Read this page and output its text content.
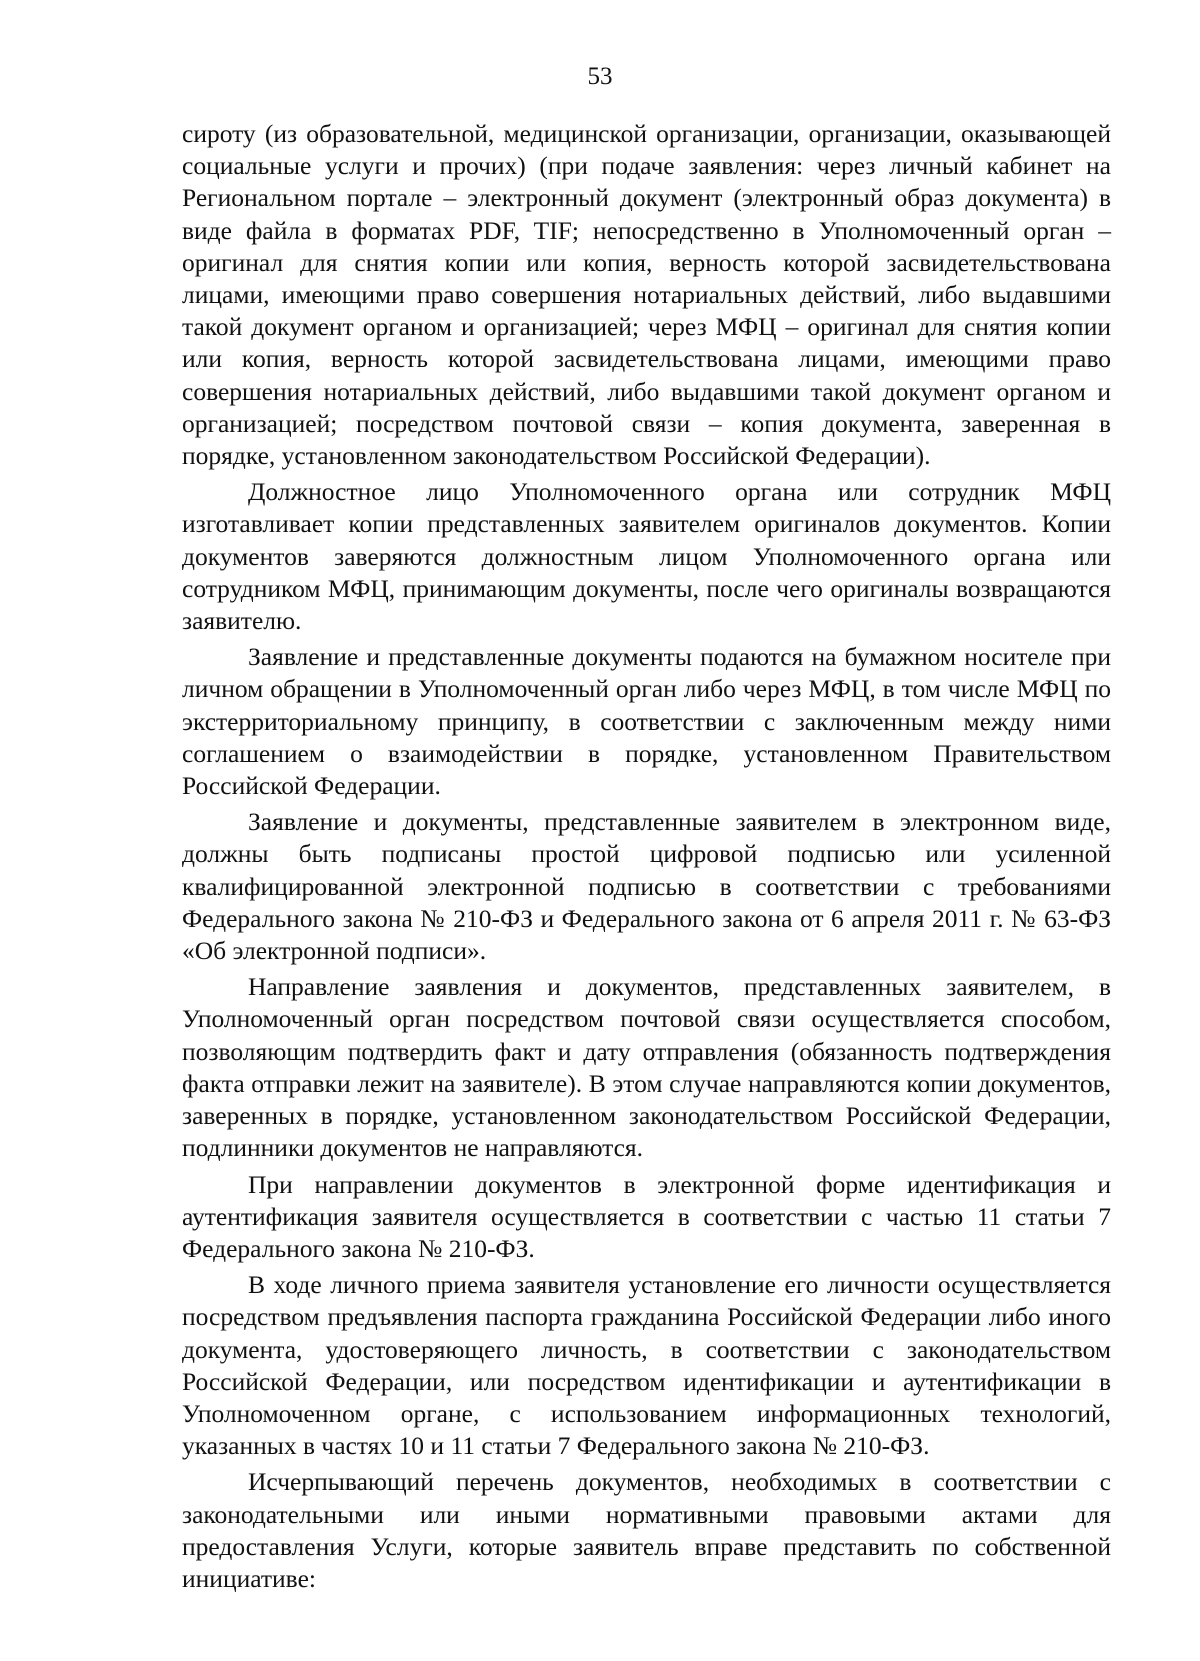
53

сироту (из образовательной, медицинской организации, организации, оказывающей социальные услуги и прочих) (при подаче заявления: через личный кабинет на Региональном портале – электронный документ (электронный образ документа) в виде файла в форматах PDF, TIF; непосредственно в Уполномоченный орган – оригинал для снятия копии или копия, верность которой засвидетельствована лицами, имеющими право совершения нотариальных действий, либо выдавшими такой документ органом и организацией; через МФЦ – оригинал для снятия копии или копия, верность которой засвидетельствована лицами, имеющими право совершения нотариальных действий, либо выдавшими такой документ органом и организацией; посредством почтовой связи – копия документа, заверенная в порядке, установленном законодательством Российской Федерации).

Должностное лицо Уполномоченного органа или сотрудник МФЦ изготавливает копии представленных заявителем оригиналов документов. Копии документов заверяются должностным лицом Уполномоченного органа или сотрудником МФЦ, принимающим документы, после чего оригиналы возвращаются заявителю.

Заявление и представленные документы подаются на бумажном носителе при личном обращении в Уполномоченный орган либо через МФЦ, в том числе МФЦ по экстерриториальному принципу, в соответствии с заключенным между ними соглашением о взаимодействии в порядке, установленном Правительством Российской Федерации.

Заявление и документы, представленные заявителем в электронном виде, должны быть подписаны простой цифровой подписью или усиленной квалифицированной электронной подписью в соответствии с требованиями Федерального закона № 210-ФЗ и Федерального закона от 6 апреля 2011 г. № 63-ФЗ «Об электронной подписи».

Направление заявления и документов, представленных заявителем, в Уполномоченный орган посредством почтовой связи осуществляется способом, позволяющим подтвердить факт и дату отправления (обязанность подтверждения факта отправки лежит на заявителе). В этом случае направляются копии документов, заверенных в порядке, установленном законодательством Российской Федерации, подлинники документов не направляются.

При направлении документов в электронной форме идентификация и аутентификация заявителя осуществляется в соответствии с частью 11 статьи 7 Федерального закона № 210-ФЗ.

В ходе личного приема заявителя установление его личности осуществляется посредством предъявления паспорта гражданина Российской Федерации либо иного документа, удостоверяющего личность, в соответствии с законодательством Российской Федерации, или посредством идентификации и аутентификации в Уполномоченном органе, с использованием информационных технологий, указанных в частях 10 и 11 статьи 7 Федерального закона № 210-ФЗ.

Исчерпывающий перечень документов, необходимых в соответствии с законодательными или иными нормативными правовыми актами для предоставления Услуги, которые заявитель вправе представить по собственной инициативе:
